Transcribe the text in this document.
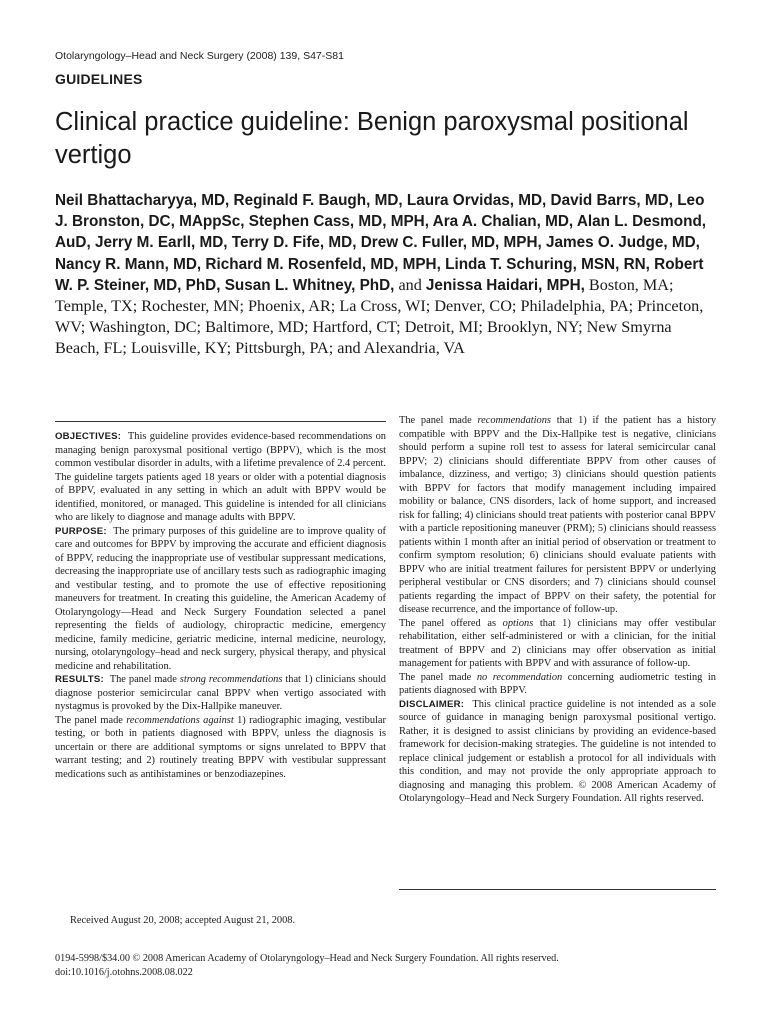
Otolaryngology–Head and Neck Surgery (2008) 139, S47-S81
GUIDELINES
Clinical practice guideline: Benign paroxysmal positional vertigo
Neil Bhattacharyya, MD, Reginald F. Baugh, MD, Laura Orvidas, MD, David Barrs, MD, Leo J. Bronston, DC, MAppSc, Stephen Cass, MD, MPH, Ara A. Chalian, MD, Alan L. Desmond, AuD, Jerry M. Earll, MD, Terry D. Fife, MD, Drew C. Fuller, MD, MPH, James O. Judge, MD, Nancy R. Mann, MD, Richard M. Rosenfeld, MD, MPH, Linda T. Schuring, MSN, RN, Robert W. P. Steiner, MD, PhD, Susan L. Whitney, PhD, and Jenissa Haidari, MPH, Boston, MA; Temple, TX; Rochester, MN; Phoenix, AR; La Cross, WI; Denver, CO; Philadelphia, PA; Princeton, WV; Washington, DC; Baltimore, MD; Hartford, CT; Detroit, MI; Brooklyn, NY; New Smyrna Beach, FL; Louisville, KY; Pittsburgh, PA; and Alexandria, VA

OBJECTIVES: This guideline provides evidence-based recommendations on managing benign paroxysmal positional vertigo (BPPV), which is the most common vestibular disorder in adults, with a lifetime prevalence of 2.4 percent. The guideline targets patients aged 18 years or older with a potential diagnosis of BPPV, evaluated in any setting in which an adult with BPPV would be identified, monitored, or managed. This guideline is intended for all clinicians who are likely to diagnose and manage adults with BPPV.

PURPOSE: The primary purposes of this guideline are to improve quality of care and outcomes for BPPV by improving the accurate and efficient diagnosis of BPPV, reducing the inappropriate use of vestibular suppressant medications, decreasing the inappropriate use of ancillary tests such as radiographic imaging and vestibular testing, and to promote the use of effective repositioning maneuvers for treatment. In creating this guideline, the American Academy of Otolaryngology—Head and Neck Surgery Foundation selected a panel representing the fields of audiology, chiropractic medicine, emergency medicine, family medicine, geriatric medicine, internal medicine, neurology, nursing, otolaryngology–head and neck surgery, physical therapy, and physical medicine and rehabilitation.

RESULTS: The panel made strong recommendations that 1) clinicians should diagnose posterior semicircular canal BPPV when vertigo associated with nystagmus is provoked by the Dix-Hallpike maneuver.

The panel made recommendations against 1) radiographic imaging, vestibular testing, or both in patients diagnosed with BPPV, unless the diagnosis is uncertain or there are additional symptoms or signs unrelated to BPPV that warrant testing; and 2) routinely treating BPPV with vestibular suppressant medications such as antihistamines or benzodiazepines.

The panel made recommendations that 1) if the patient has a history compatible with BPPV and the Dix-Hallpike test is negative, clinicians should perform a supine roll test to assess for lateral semicircular canal BPPV; 2) clinicians should differentiate BPPV from other causes of imbalance, dizziness, and vertigo; 3) clinicians should question patients with BPPV for factors that modify management including impaired mobility or balance, CNS disorders, lack of home support, and increased risk for falling; 4) clinicians should treat patients with posterior canal BPPV with a particle repositioning maneuver (PRM); 5) clinicians should reassess patients within 1 month after an initial period of observation or treatment to confirm symptom resolution; 6) clinicians should evaluate patients with BPPV who are initial treatment failures for persistent BPPV or underlying peripheral vestibular or CNS disorders; and 7) clinicians should counsel patients regarding the impact of BPPV on their safety, the potential for disease recurrence, and the importance of follow-up.

The panel offered as options that 1) clinicians may offer vestibular rehabilitation, either self-administered or with a clinician, for the initial treatment of BPPV and 2) clinicians may offer observation as initial management for patients with BPPV and with assurance of follow-up.

The panel made no recommendation concerning audiometric testing in patients diagnosed with BPPV.

DISCLAIMER: This clinical practice guideline is not intended as a sole source of guidance in managing benign paroxysmal positional vertigo. Rather, it is designed to assist clinicians by providing an evidence-based framework for decision-making strategies. The guideline is not intended to replace clinical judgement or establish a protocol for all individuals with this condition, and may not provide the only appropriate approach to diagnosing and managing this problem. © 2008 American Academy of Otolaryngology–Head and Neck Surgery Foundation. All rights reserved.

Received August 20, 2008; accepted August 21, 2008.
0194-5998/$34.00 © 2008 American Academy of Otolaryngology–Head and Neck Surgery Foundation. All rights reserved.
doi:10.1016/j.otohns.2008.08.022
